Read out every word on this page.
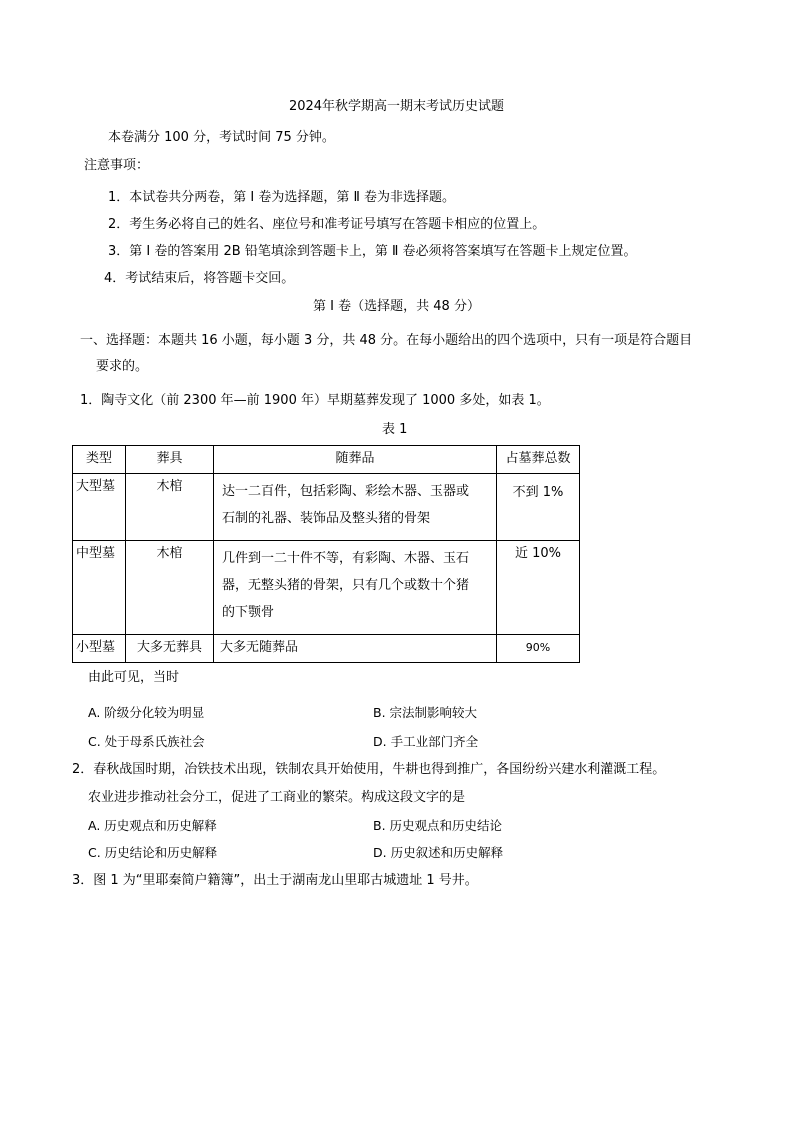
2024年秋学期高一期末考试历史试题
本卷满分 100 分，考试时间 75 分钟。
注意事项：
1．本试卷共分两卷，第 Ⅰ 卷为选择题，第 Ⅱ 卷为非选择题。
2．考生务必将自己的姓名、座位号和准考证号填写在答题卡相应的位置上。
3．第 Ⅰ 卷的答案用 2B 铅笔填涂到答题卡上，第 Ⅱ 卷必须将答案填写在答题卡上规定位置。
4．考试结束后，将答题卡交回。
第 Ⅰ 卷（选择题，共 48 分）
一、选择题：本题共 16 小题，每小题 3 分，共 48 分。在每小题给出的四个选项中，只有一项是符合题目
要求的。
1．陶寺文化（前 2300 年—前 1900 年）早期墓葬发现了 1000 多处，如表 1。
表 1
类型	葬具	随葬品	占墓葬总数
大型墓	木棺	达一二百件，包括彩陶、彩绘木器、玉器或
石制的礼器、装饰品及整头猪的骨架	不到 1%
中型墓	木棺	几件到一二十件不等，有彩陶、木器、玉石
器，无整头猪的骨架，只有几个或数十个猪
的下颚骨	近 10%
小型墓	大多无葬具	大多无随葬品	90%
由此可见，当时
A. 阶级分化较为明显	B. 宗法制影响较大
C. 处于母系氏族社会	D. 手工业部门齐全
2．春秋战国时期，冶铁技术出现，铁制农具开始使用，牛耕也得到推广，各国纷纷兴建水利灌溉工程。
农业进步推动社会分工，促进了工商业的繁荣。构成这段文字的是
A. 历史观点和历史解释	B. 历史观点和历史结论
C. 历史结论和历史解释	D. 历史叙述和历史解释
3．图 1 为“里耶秦简户籍簿”，出土于湖南龙山里耶古城遗址 1 号井。
